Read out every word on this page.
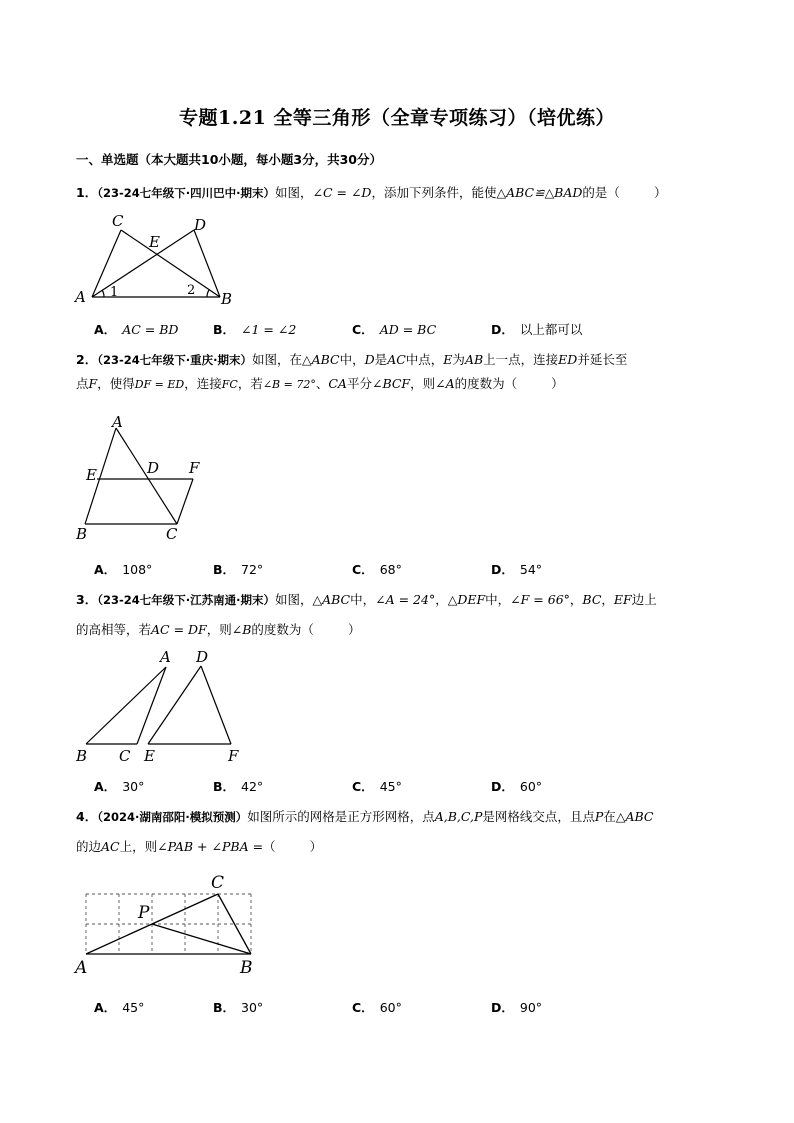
专题1.21 全等三角形（全章专项练习）（培优练）
一、单选题（本大题共10小题，每小题3分，共30分）
1．（23-24七年级下·四川巴中·期末）如图，∠C = ∠D，添加下列条件，能使△ABC≌△BAD的是（	）
C	D
E
A	B
1	2
A． AC = BD	B． ∠1 = ∠2	C． AD = BC	D． 以上都可以
2．（23-24七年级下·重庆·期末）如图，在△ABC中，D是AC中点，E为AB上一点，连接ED并延长至
点F，使得DF = ED，连接FC，若∠B = 72°、CA平分∠BCF，则∠A的度数为（	）
A
E	D F
B	C
A． 108°	B． 72°	C． 68°	D． 54°
3．（23-24七年级下·江苏南通·期末）如图，△ABC中，∠A = 24°，△DEF中，∠F = 66°，BC，EF边上
的高相等，若AC = DF，则∠B的度数为（	）
A D
B C E	F
A． 30°	B． 42°	C． 45°	D． 60°
4．（2024·湖南邵阳·模拟预测）如图所示的网格是正方形网格，点A,B,C,P是网格线交点，且点P在△ABC
的边AC上，则∠PAB + ∠PBA =（	）
C
P
A	B
A． 45°	B． 30°	C． 60°	D． 90°
